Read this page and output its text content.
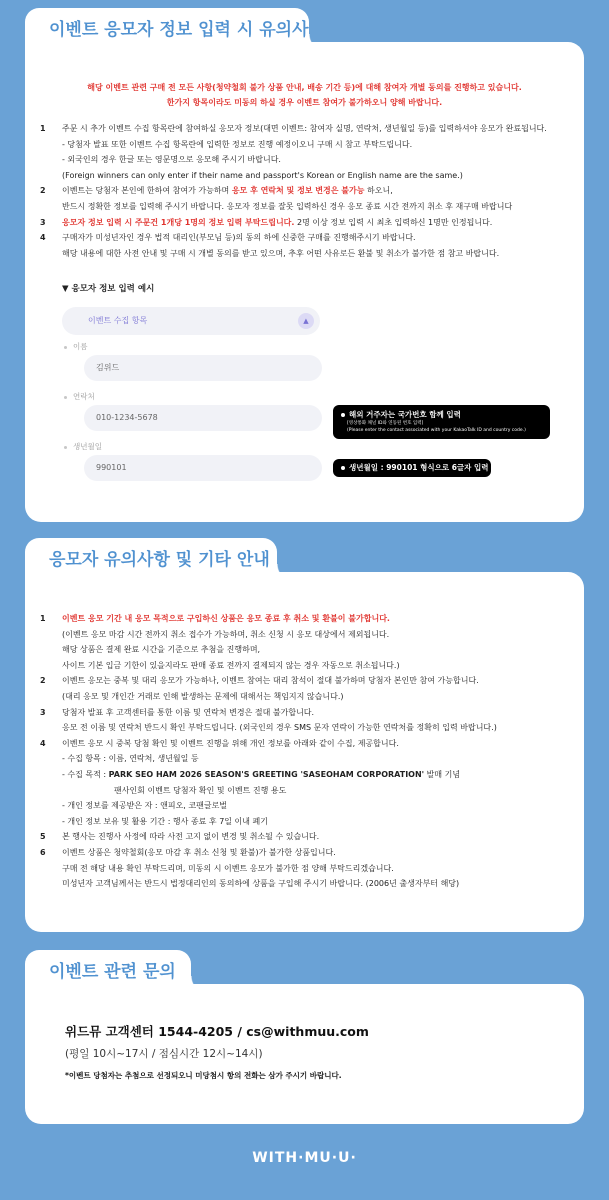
이벤트 응모자 정보 입력 시 유의사
해당 이벤트 관련 구매 전 모든 사항(청약철회 불가 상품 안내, 배송 기간 등)에 대해 참여자 개별 동의를 진행하고 있습니다.
한가지 항목이라도 미동의 하실 경우 이벤트 참여가 불가하오니 양해 바랍니다.
1	주문 시 추가 이벤트 수집 항목란에 참여하실 응모자 정보(대면 이벤트: 참여자 실명, 연락처, 생년월일 등)를 입력하셔야 응모가 완료됩니다.
- 당첨자 발표 또한 이벤트 수집 항목란에 입력한 정보로 진행 예정이오니 구매 시 참고 부탁드립니다.
- 외국인의 경우 한글 또는 영문명으로 응모해 주시기 바랍니다.
(Foreign winners can only enter if their name and passport's Korean or English name are the same.)
2	이벤트는 당첨자 본인에 한하여 참여가 가능하며 응모 후 연락처 및 정보 변경은 불가능 하오니,
반드시 정확한 정보를 입력해 주시기 바랍니다. 응모자 정보를 잘못 입력하신 경우 응모 종료 시간 전까지 취소 후 재구매 바랍니다
3	응모자 정보 입력 시 주문건 1개당 1명의 정보 입력 부탁드립니다. 2명 이상 정보 입력 시 최초 입력하신 1명만 인정됩니다.
4	구매자가 미성년자인 경우 법적 대리인(부모님 등)의 동의 하에 신중한 구매를 진행해주시기 바랍니다.
해당 내용에 대한 사전 안내 및 구매 시 개별 동의를 받고 있으며, 추후 어떤 사유로든 환불 및 취소가 불가한 점 참고 바랍니다.
▼ 응모자 정보 입력 예시
이벤트 수집 항목	▲
이름
김위드
연락처
010-1234-5678
생년월일
990101
해외 거주자는 국가번호 함께 입력
[영상통화 채널 ID와 연동된 번호 입력]
(Please enter the contact associated with your KakaoTalk ID and country code.)
생년월일 : 990101 형식으로 6글자 입력
응모자 유의사항 및 기타 안내
1	이벤트 응모 기간 내 응모 목적으로 구입하신 상품은 응모 종료 후 취소 및 환불이 불가합니다.
(이벤트 응모 마감 시간 전까지 취소 접수가 가능하며, 취소 신청 시 응모 대상에서 제외됩니다.
해당 상품은 결제 완료 시간을 기준으로 추첨을 진행하며,
사이트 기본 입금 기한이 있을지라도 판매 종료 전까지 결제되지 않는 경우 자동으로 취소됩니다.)
2	이벤트 응모는 중복 및 대리 응모가 가능하나, 이벤트 참여는 대리 참석이 절대 불가하며 당첨자 본인만 참여 가능합니다.
(대리 응모 및 개인간 거래로 인해 발생하는 문제에 대해서는 책임지지 않습니다.)
3	당첨자 발표 후 고객센터를 통한 이름 및 연락처 변경은 절대 불가합니다.
응모 전 이름 및 연락처 반드시 확인 부탁드립니다. (외국인의 경우 SMS 문자 연락이 가능한 연락처를 정확히 입력 바랍니다.)
4	이벤트 응모 시 중복 당첨 확인 및 이벤트 진행을 위해 개인 정보를 아래와 같이 수집, 제공합니다.
- 수집 항목 : 이름, 연락처, 생년월일 등
- 수집 목적 : PARK SEO HAM 2026 SEASON'S GREETING 'SASEOHAM CORPORATION' 발매 기념
팬사인회 이벤트 당첨자 확인 및 이벤트 진행 용도
- 개인 정보를 제공받은 자 : 앤피오, 코팬글로벌
- 개인 정보 보유 및 활용 기간 : 행사 종료 후 7일 이내 폐기
5	본 행사는 진행사 사정에 따라 사전 고지 없이 변경 및 취소될 수 있습니다.
6	이벤트 상품은 청약철회(응모 마감 후 취소 신청 및 환불)가 불가한 상품입니다.
구매 전 해당 내용 확인 부탁드리며, 미동의 시 이벤트 응모가 불가한 점 양해 부탁드리겠습니다.
미성년자 고객님께서는 반드시 법정대리인의 동의하에 상품을 구입해 주시기 바랍니다. (2006년 출생자부터 해당)
이벤트 관련 문의
위드뮤 고객센터 1544-4205 / cs@withmuu.com
(평일 10시~17시 / 점심시간 12시~14시)
*이벤트 당첨자는 추첨으로 선정되오니 미당첨시 항의 전화는 삼가 주시기 바랍니다.
WITH·MU·U·
